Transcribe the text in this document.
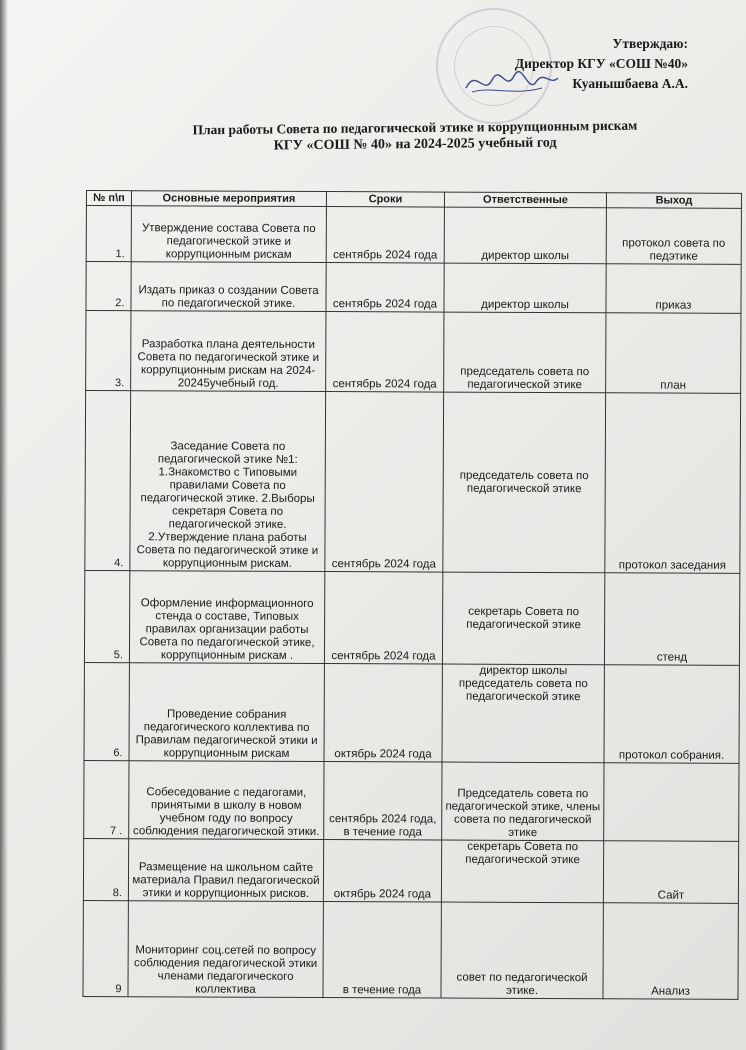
Утверждаю:
Директор КГУ «СОШ №40»
Куанышбаева А.А.
План работы Совета по педагогической этике и коррупционным рискам
КГУ «СОШ № 40» на 2024-2025 учебный год
№ п\п	Основные мероприятия	Сроки	Ответственные	Выход
1.	Утверждение состава Совета по педагогической этике и коррупционным рискам	сентябрь 2024 года	директор школы	протокол совета по педэтике
2.	Издать приказ о создании Совета по педагогической этике.	сентябрь 2024 года	директор школы	приказ
3.	Разработка плана деятельности Совета по педагогической этике и коррупционным рискам на 2024-20245учебный год.	сентябрь 2024 года	председатель совета по педагогической этике	план
4.	Заседание Совета по педагогической этике №1: 1.Знакомство с Типовыми правилами Совета по педагогической этике. 2.Выборы секретаря Совета по педагогической этике. 2.Утверждение плана работы Совета по педагогической этике и коррупционным рискам.	сентябрь 2024 года	председатель совета по педагогической этике	протокол заседания
5.	Оформление информационного стенда о составе, Типовых правилах организации работы Совета по педагогической этике, коррупционным рискам .	сентябрь 2024 года	секретарь Совета по педагогической этике	стенд
6.	Проведение собрания педагогического коллектива по Правилам педагогической этики и коррупционным рискам	октябрь 2024 года	директор школы председатель совета по педагогической этике	протокол собрания.
7 .	Собеседование с педагогами, принятыми в школу в новом учебном году по вопросу соблюдения педагогической этики.	сентябрь 2024 года, в течение года	Председатель совета по педагогической этике, члены совета по педагогической этике	
8.	Размещение на школьном сайте материала Правил педагогической этики и коррупционных рисков.	октябрь 2024 года	секретарь Совета по педагогической этике	Сайт
9	Мониторинг соц.сетей по вопросу соблюдения педагогической этики членами педагогического коллектива	в течение года	совет по педагогической этике.	Анализ
